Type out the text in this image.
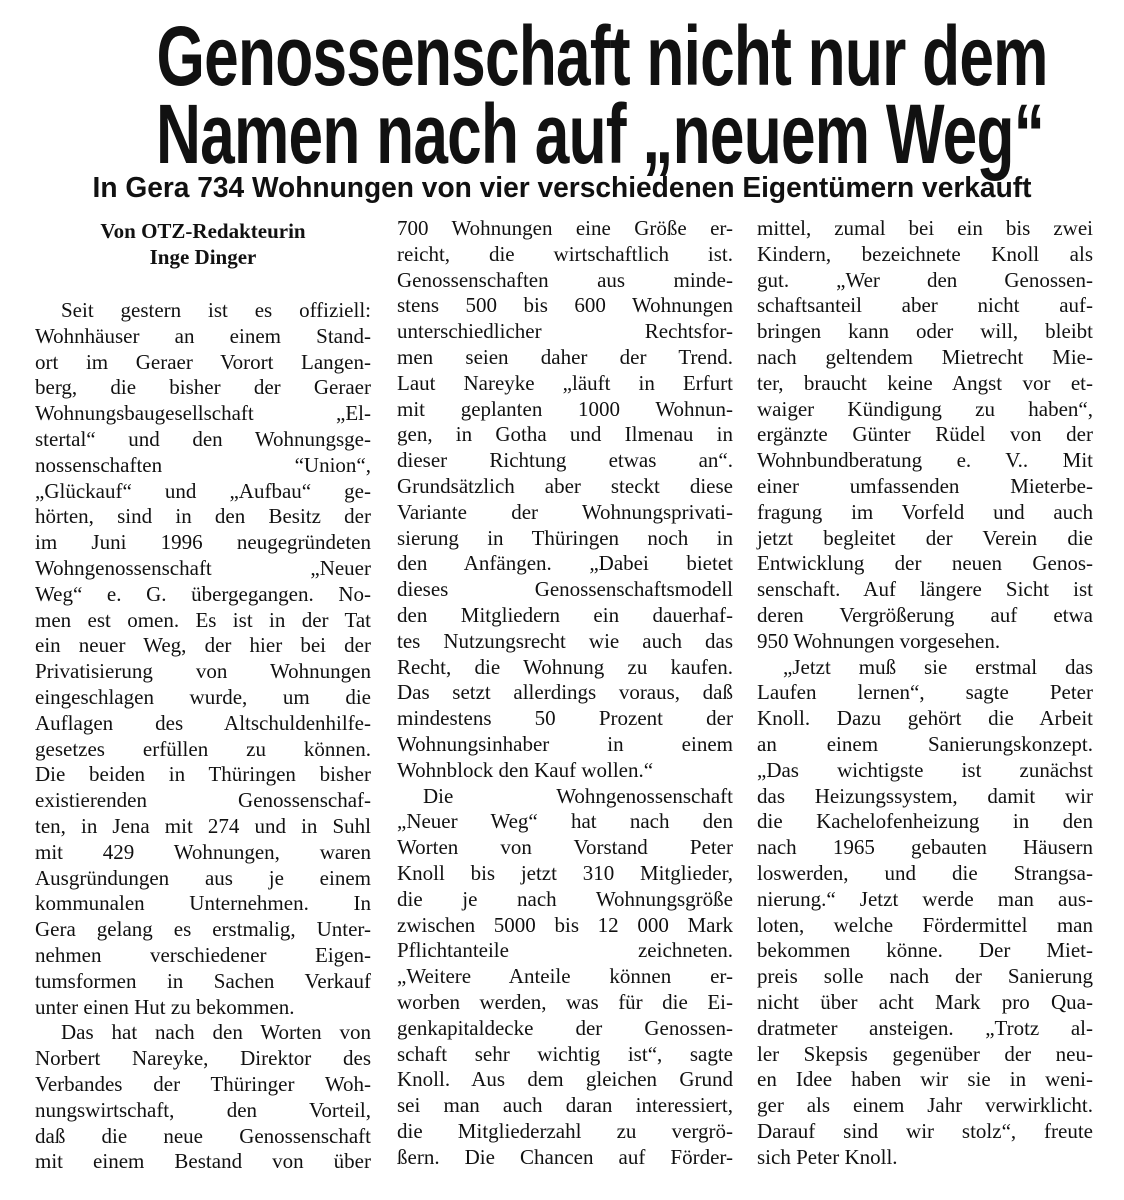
Genossenschaft nicht nur dem
Namen nach auf „neuem Weg“
In Gera 734 Wohnungen von vier verschiedenen Eigentümern verkauft
Von OTZ-Redakteurin
Inge Dinger
Seit gestern ist es offiziell:
Wohnhäuser an einem Stand-
ort im Geraer Vorort Langen-
berg, die bisher der Geraer
Wohnungsbaugesellschaft „El-
stertal“ und den Wohnungsge-
nossenschaften “Union“,
„Glückauf“ und „Aufbau“ ge-
hörten, sind in den Besitz der
im Juni 1996 neugegründeten
Wohngenossenschaft „Neuer
Weg“ e. G. übergegangen. No-
men est omen. Es ist in der Tat
ein neuer Weg, der hier bei der
Privatisierung von Wohnungen
eingeschlagen wurde, um die
Auflagen des Altschuldenhilfe-
gesetzes erfüllen zu können.
Die beiden in Thüringen bisher
existierenden Genossenschaf-
ten, in Jena mit 274 und in Suhl
mit 429 Wohnungen, waren
Ausgründungen aus je einem
kommunalen Unternehmen. In
Gera gelang es erstmalig, Unter-
nehmen verschiedener Eigen-
tumsformen in Sachen Verkauf
unter einen Hut zu bekommen.
Das hat nach den Worten von
Norbert Nareyke, Direktor des
Verbandes der Thüringer Woh-
nungswirtschaft, den Vorteil,
daß die neue Genossenschaft
mit einem Bestand von über
700 Wohnungen eine Größe er-
reicht, die wirtschaftlich ist.
Genossenschaften aus minde-
stens 500 bis 600 Wohnungen
unterschiedlicher Rechtsfor-
men seien daher der Trend.
Laut Nareyke „läuft in Erfurt
mit geplanten 1000 Wohnun-
gen, in Gotha und Ilmenau in
dieser Richtung etwas an“.
Grundsätzlich aber steckt diese
Variante der Wohnungsprivati-
sierung in Thüringen noch in
den Anfängen. „Dabei bietet
dieses Genossenschaftsmodell
den Mitgliedern ein dauerhaf-
tes Nutzungsrecht wie auch das
Recht, die Wohnung zu kaufen.
Das setzt allerdings voraus, daß
mindestens 50 Prozent der
Wohnungsinhaber in einem
Wohnblock den Kauf wollen.“
Die Wohngenossenschaft
„Neuer Weg“ hat nach den
Worten von Vorstand Peter
Knoll bis jetzt 310 Mitglieder,
die je nach Wohnungsgröße
zwischen 5000 bis 12 000 Mark
Pflichtanteile zeichneten.
„Weitere Anteile können er-
worben werden, was für die Ei-
genkapitaldecke der Genossen-
schaft sehr wichtig ist“, sagte
Knoll. Aus dem gleichen Grund
sei man auch daran interessiert,
die Mitgliederzahl zu vergrö-
ßern. Die Chancen auf Förder-
mittel, zumal bei ein bis zwei
Kindern, bezeichnete Knoll als
gut. „Wer den Genossen-
schaftsanteil aber nicht auf-
bringen kann oder will, bleibt
nach geltendem Mietrecht Mie-
ter, braucht keine Angst vor et-
waiger Kündigung zu haben“,
ergänzte Günter Rüdel von der
Wohnbundberatung e. V.. Mit
einer umfassenden Mieterbe-
fragung im Vorfeld und auch
jetzt begleitet der Verein die
Entwicklung der neuen Genos-
senschaft. Auf längere Sicht ist
deren Vergrößerung auf etwa
950 Wohnungen vorgesehen.
„Jetzt muß sie erstmal das
Laufen lernen“, sagte Peter
Knoll. Dazu gehört die Arbeit
an einem Sanierungskonzept.
„Das wichtigste ist zunächst
das Heizungssystem, damit wir
die Kachelofenheizung in den
nach 1965 gebauten Häusern
loswerden, und die Strangsa-
nierung.“ Jetzt werde man aus-
loten, welche Fördermittel man
bekommen könne. Der Miet-
preis solle nach der Sanierung
nicht über acht Mark pro Qua-
dratmeter ansteigen. „Trotz al-
ler Skepsis gegenüber der neu-
en Idee haben wir sie in weni-
ger als einem Jahr verwirklicht.
Darauf sind wir stolz“, freute
sich Peter Knoll.
